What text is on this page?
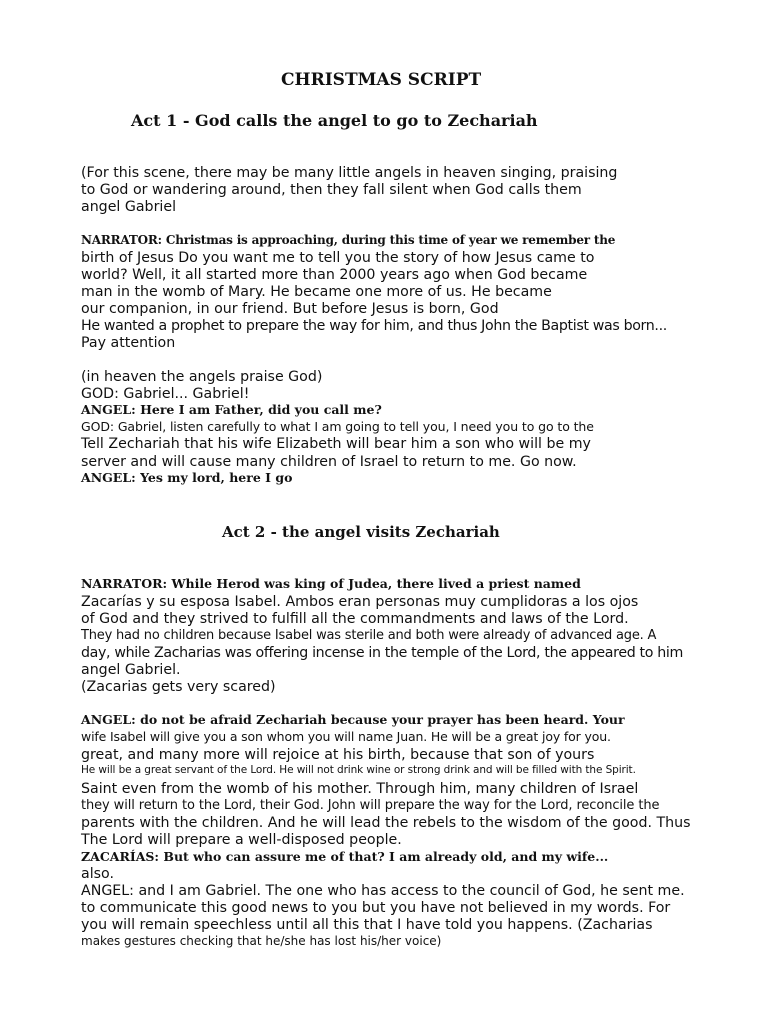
CHRISTMAS SCRIPT
Act 1 - God calls the angel to go to Zechariah
(For this scene, there may be many little angels in heaven singing, praising
to God or wandering around, then they fall silent when God calls them
angel Gabriel
NARRATOR: Christmas is approaching, during this time of year we remember the
birth of Jesus Do you want me to tell you the story of how Jesus came to
world? Well, it all started more than 2000 years ago when God became
man in the womb of Mary. He became one more of us. He became
our companion, in our friend. But before Jesus is born, God
He wanted a prophet to prepare the way for him, and thus John the Baptist was born...
Pay attention
(in heaven the angels praise God)
GOD: Gabriel... Gabriel!
ANGEL: Here I am Father, did you call me?
GOD: Gabriel, listen carefully to what I am going to tell you, I need you to go to the
Tell Zechariah that his wife Elizabeth will bear him a son who will be my
server and will cause many children of Israel to return to me. Go now.
ANGEL: Yes my lord, here I go
Act 2 - the angel visits Zechariah
NARRATOR: While Herod was king of Judea, there lived a priest named
Zacarías y su esposa Isabel. Ambos eran personas muy cumplidoras a los ojos
of God and they strived to fulfill all the commandments and laws of the Lord.
They had no children because Isabel was sterile and both were already of advanced age. A
day, while Zacharias was offering incense in the temple of the Lord, the appeared to him
angel Gabriel.
(Zacarias gets very scared)
ANGEL: do not be afraid Zechariah because your prayer has been heard. Your
wife Isabel will give you a son whom you will name Juan. He will be a great joy for you.
great, and many more will rejoice at his birth, because that son of yours
He will be a great servant of the Lord. He will not drink wine or strong drink and will be filled with the Spirit.
Saint even from the womb of his mother. Through him, many children of Israel
they will return to the Lord, their God. John will prepare the way for the Lord, reconcile the
parents with the children. And he will lead the rebels to the wisdom of the good. Thus
The Lord will prepare a well-disposed people.
ZACARÍAS: But who can assure me of that? I am already old, and my wife...
also.
ANGEL: and I am Gabriel. The one who has access to the council of God, he sent me.
to communicate this good news to you but you have not believed in my words. For
you will remain speechless until all this that I have told you happens. (Zacharias
makes gestures checking that he/she has lost his/her voice)
